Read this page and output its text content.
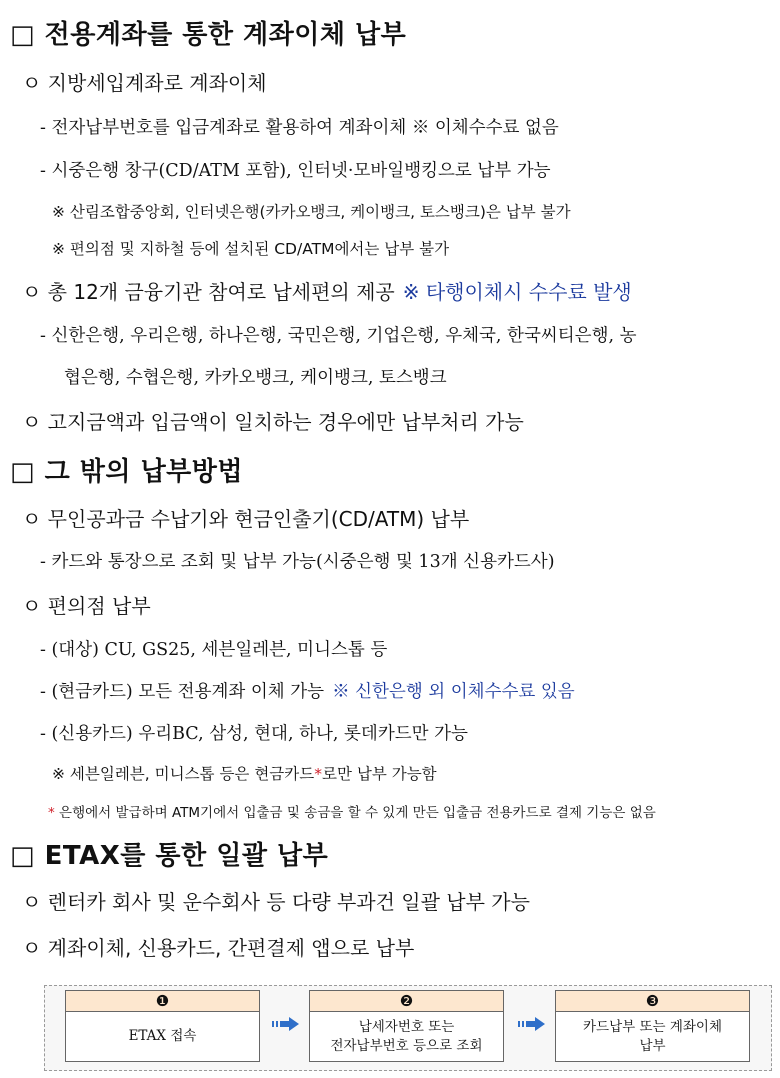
□ 전용계좌를 통한 계좌이체 납부
ㅇ 지방세입계좌로 계좌이체
- 전자납부번호를 입금계좌로 활용하여 계좌이체 ※ 이체수수료 없음
- 시중은행 창구(CD/ATM 포함), 인터넷·모바일뱅킹으로 납부 가능
※ 산림조합중앙회, 인터넷은행(카카오뱅크, 케이뱅크, 토스뱅크)은 납부 불가
※ 편의점 및 지하철 등에 설치된 CD/ATM에서는 납부 불가
ㅇ 총 12개 금융기관 참여로 납세편의 제공 ※ 타행이체시 수수료 발생
- 신한은행, 우리은행, 하나은행, 국민은행, 기업은행, 우체국, 한국씨티은행, 농
협은행, 수협은행, 카카오뱅크, 케이뱅크, 토스뱅크
ㅇ 고지금액과 입금액이 일치하는 경우에만 납부처리 가능
□ 그 밖의 납부방법
ㅇ 무인공과금 수납기와 현금인출기(CD/ATM) 납부
- 카드와 통장으로 조회 및 납부 가능(시중은행 및 13개 신용카드사)
ㅇ 편의점 납부
- (대상) CU, GS25, 세븐일레븐, 미니스톱 등
- (현금카드) 모든 전용계좌 이체 가능 ※ 신한은행 외 이체수수료 있음
- (신용카드) 우리BC, 삼성, 현대, 하나, 롯데카드만 가능
※ 세븐일레븐, 미니스톱 등은 현금카드*로만 납부 가능함
* 은행에서 발급하며 ATM기에서 입출금 및 송금을 할 수 있게 만든 입출금 전용카드로 결제 기능은 없음
□ ETAX를 통한 일괄 납부
ㅇ 렌터카 회사 및 운수회사 등 다량 부과건 일괄 납부 가능
ㅇ 계좌이체, 신용카드, 간편결제 앱으로 납부
❶
ETAX 접속
❷
납세자번호 또는
전자납부번호 등으로 조회
❸
카드납부 또는 계좌이체
납부
